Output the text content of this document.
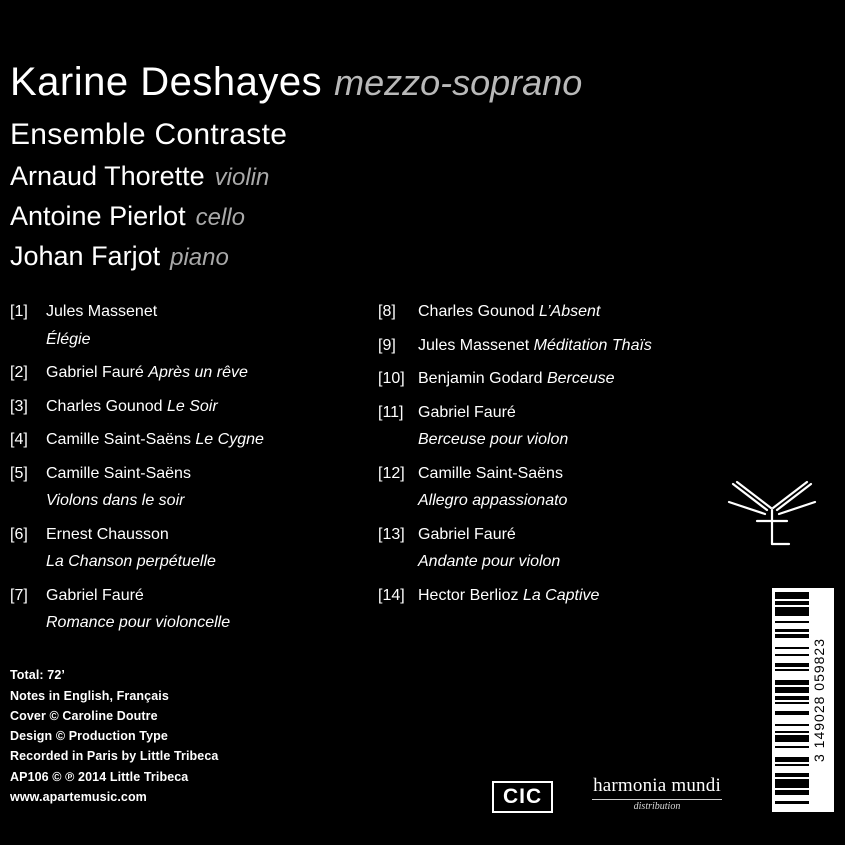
Karine Deshayes mezzo-soprano
Ensemble Contraste
Arnaud Thorette violin
Antoine Pierlot cello
Johan Farjot piano
[1]	Jules Massenet
Élégie
[2]	Gabriel Fauré Après un rêve
[3]	Charles Gounod Le Soir
[4]	Camille Saint-Saëns Le Cygne
[5]	Camille Saint-Saëns
Violons dans le soir
[6]	Ernest Chausson
La Chanson perpétuelle
[7]	Gabriel Fauré
Romance pour violoncelle
[8]	Charles Gounod L’Absent
[9]	Jules Massenet Méditation Thaïs
[10] Benjamin Godard Berceuse
[11] Gabriel Fauré
Berceuse pour violon
[12] Camille Saint-Saëns
Allegro appassionato
[13] Gabriel Fauré
Andante pour violon
[14] Hector Berlioz La Captive
Total: 72’
Notes in English, Français
Cover © Caroline Doutre
Design © Production Type
Recorded in Paris by Little Tribeca
AP106 © ℗ 2014 Little Tribeca
www.apartemusic.com	CIC	harmonia mundi
distribution
3 149028 059823
